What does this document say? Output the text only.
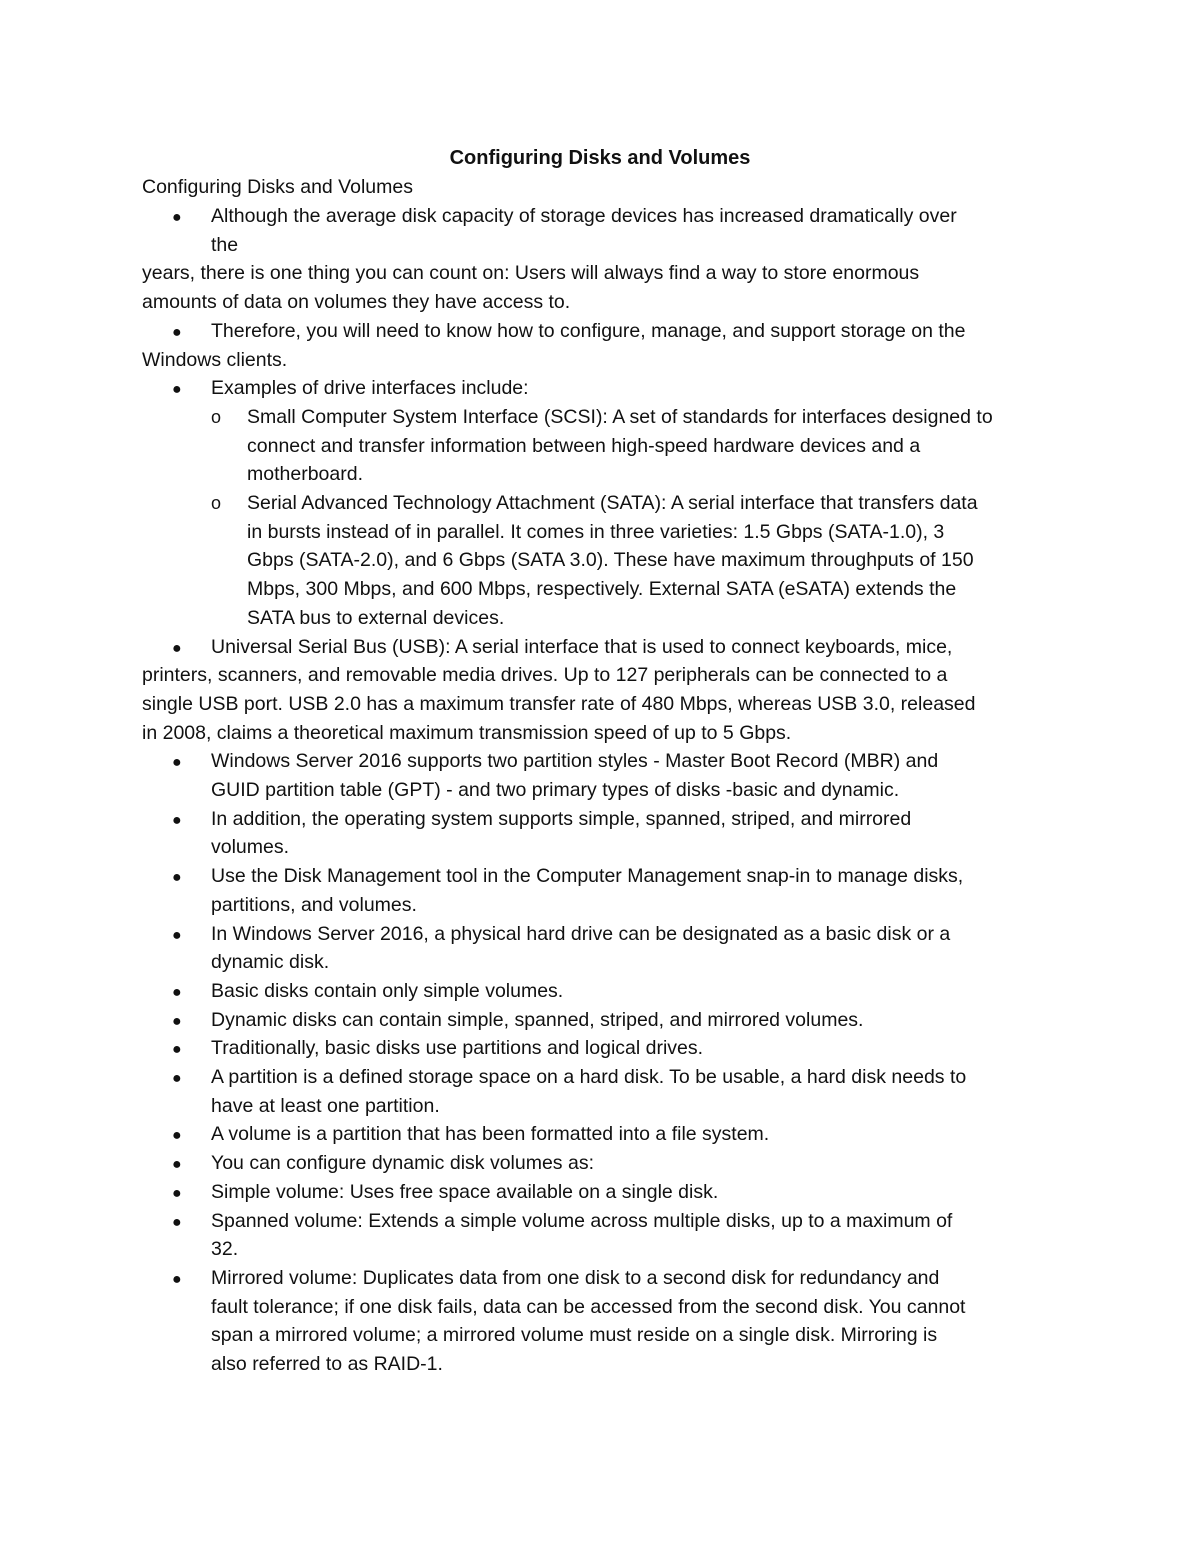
Configuring Disks and Volumes
Configuring Disks and Volumes
● Although the average disk capacity of storage devices has increased dramatically over
the
years, there is one thing you can count on: Users will always find a way to store enormous
amounts of data on volumes they have access to.
● Therefore, you will need to know how to configure, manage, and support storage on the
Windows clients.
● Examples of drive interfaces include:
o Small Computer System Interface (SCSI): A set of standards for interfaces designed to
connect and transfer information between high-speed hardware devices and a
motherboard.
o Serial Advanced Technology Attachment (SATA): A serial interface that transfers data
in bursts instead of in parallel. It comes in three varieties: 1.5 Gbps (SATA-1.0), 3
Gbps (SATA-2.0), and 6 Gbps (SATA 3.0). These have maximum throughputs of 150
Mbps, 300 Mbps, and 600 Mbps, respectively. External SATA (eSATA) extends the
SATA bus to external devices.
● Universal Serial Bus (USB): A serial interface that is used to connect keyboards, mice,
printers, scanners, and removable media drives. Up to 127 peripherals can be connected to a
single USB port. USB 2.0 has a maximum transfer rate of 480 Mbps, whereas USB 3.0, released
in 2008, claims a theoretical maximum transmission speed of up to 5 Gbps.
● Windows Server 2016 supports two partition styles - Master Boot Record (MBR) and
GUID partition table (GPT) - and two primary types of disks -basic and dynamic.
● In addition, the operating system supports simple, spanned, striped, and mirrored
volumes.
● Use the Disk Management tool in the Computer Management snap-in to manage disks,
partitions, and volumes.
● In Windows Server 2016, a physical hard drive can be designated as a basic disk or a
dynamic disk.
● Basic disks contain only simple volumes.
● Dynamic disks can contain simple, spanned, striped, and mirrored volumes.
● Traditionally, basic disks use partitions and logical drives.
● A partition is a defined storage space on a hard disk. To be usable, a hard disk needs to
have at least one partition.
● A volume is a partition that has been formatted into a file system.
● You can configure dynamic disk volumes as:
● Simple volume: Uses free space available on a single disk.
● Spanned volume: Extends a simple volume across multiple disks, up to a maximum of
32.
● Mirrored volume: Duplicates data from one disk to a second disk for redundancy and
fault tolerance; if one disk fails, data can be accessed from the second disk. You cannot
span a mirrored volume; a mirrored volume must reside on a single disk. Mirroring is
also referred to as RAID-1.
